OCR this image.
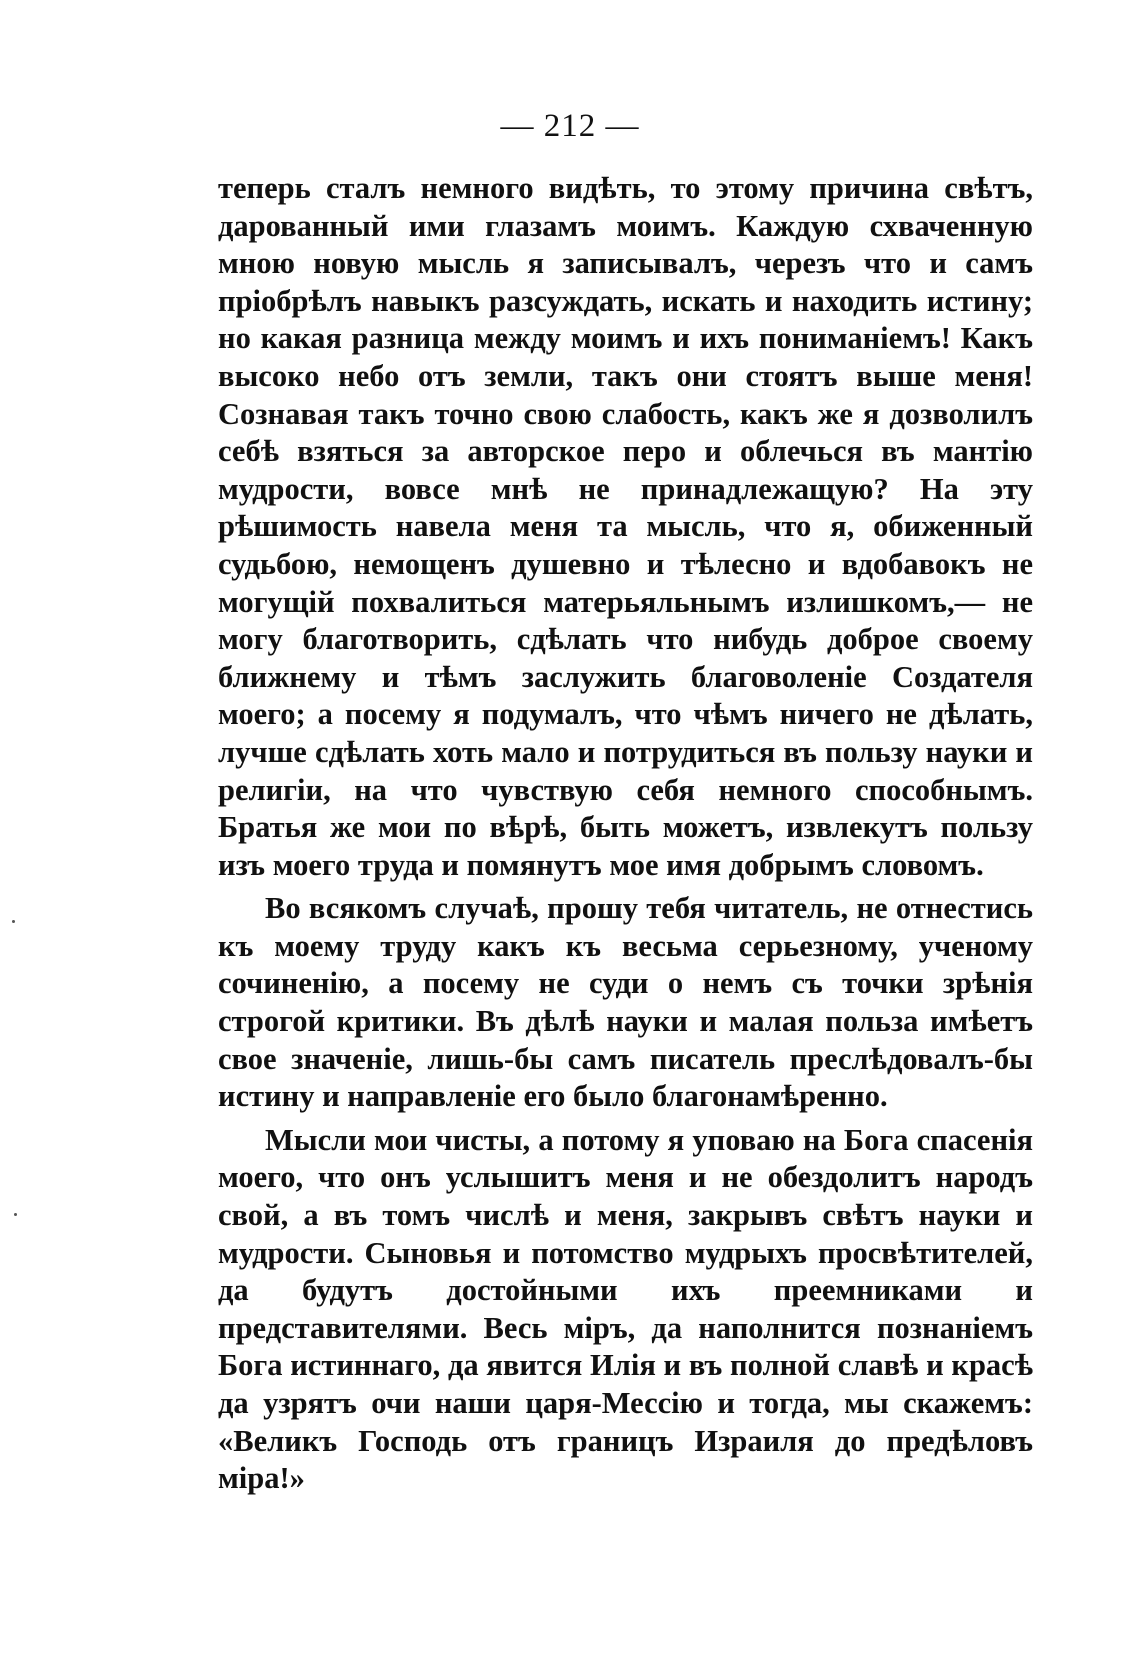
— 212 —

теперь сталъ немного видѣть, то этому причина свѣтъ, дарованный ими глазамъ моимъ. Каждую схваченную мною новую мысль я записывалъ, черезъ что и самъ пріобрѣлъ навыкъ разсуждать, искать и находить истину; но какая разница между моимъ и ихъ пониманіемъ! Какъ высоко небо отъ земли, такъ они стоятъ выше меня! Сознавая такъ точно свою слабость, какъ же я дозволилъ себѣ взяться за авторское перо и облечься въ мантію мудрости, вовсе мнѣ не принадлежащую? На эту рѣшимость навела меня та мысль, что я, обиженный судьбою, немощенъ душевно и тѣлесно и вдобавокъ не могущій похвалиться матерьяльнымъ излишкомъ,— не могу благотворить, сдѣлать что нибудь доброе своему ближнему и тѣмъ заслужить благоволеніе Создателя моего; а посему я подумалъ, что чѣмъ ничего не дѣлать, лучше сдѣлать хоть мало и потрудиться въ пользу науки и религіи, на что чувствую себя немного способнымъ. Братья же мои по вѣрѣ, быть можетъ, извлекутъ пользу изъ моего труда и помянутъ мое имя добрымъ словомъ.

Во всякомъ случаѣ, прошу тебя читатель, не отнестись къ моему труду какъ къ весьма серьезному, ученому сочиненію, а посему не суди о немъ съ точки зрѣнія строгой критики. Въ дѣлѣ науки и малая польза имѣетъ свое значеніе, лишь-бы самъ писатель преслѣдовалъ-бы истину и направленіе его было благонамѣренно.

Мысли мои чисты, а потому я уповаю на Бога спасенія моего, что онъ услышитъ меня и не обездолитъ народъ свой, а въ томъ числѣ и меня, закрывъ свѣтъ науки и мудрости. Сыновья и потомство мудрыхъ просвѣтителей, да будутъ достойными ихъ преемниками и представителями. Весь міръ, да наполнится познаніемъ Бога истиннаго, да явится Илія и въ полной славѣ и красѣ да узрятъ очи наши царя-Мессію и тогда, мы скажемъ: «Великъ Господь отъ границъ Израиля до предѣловъ міра!»
